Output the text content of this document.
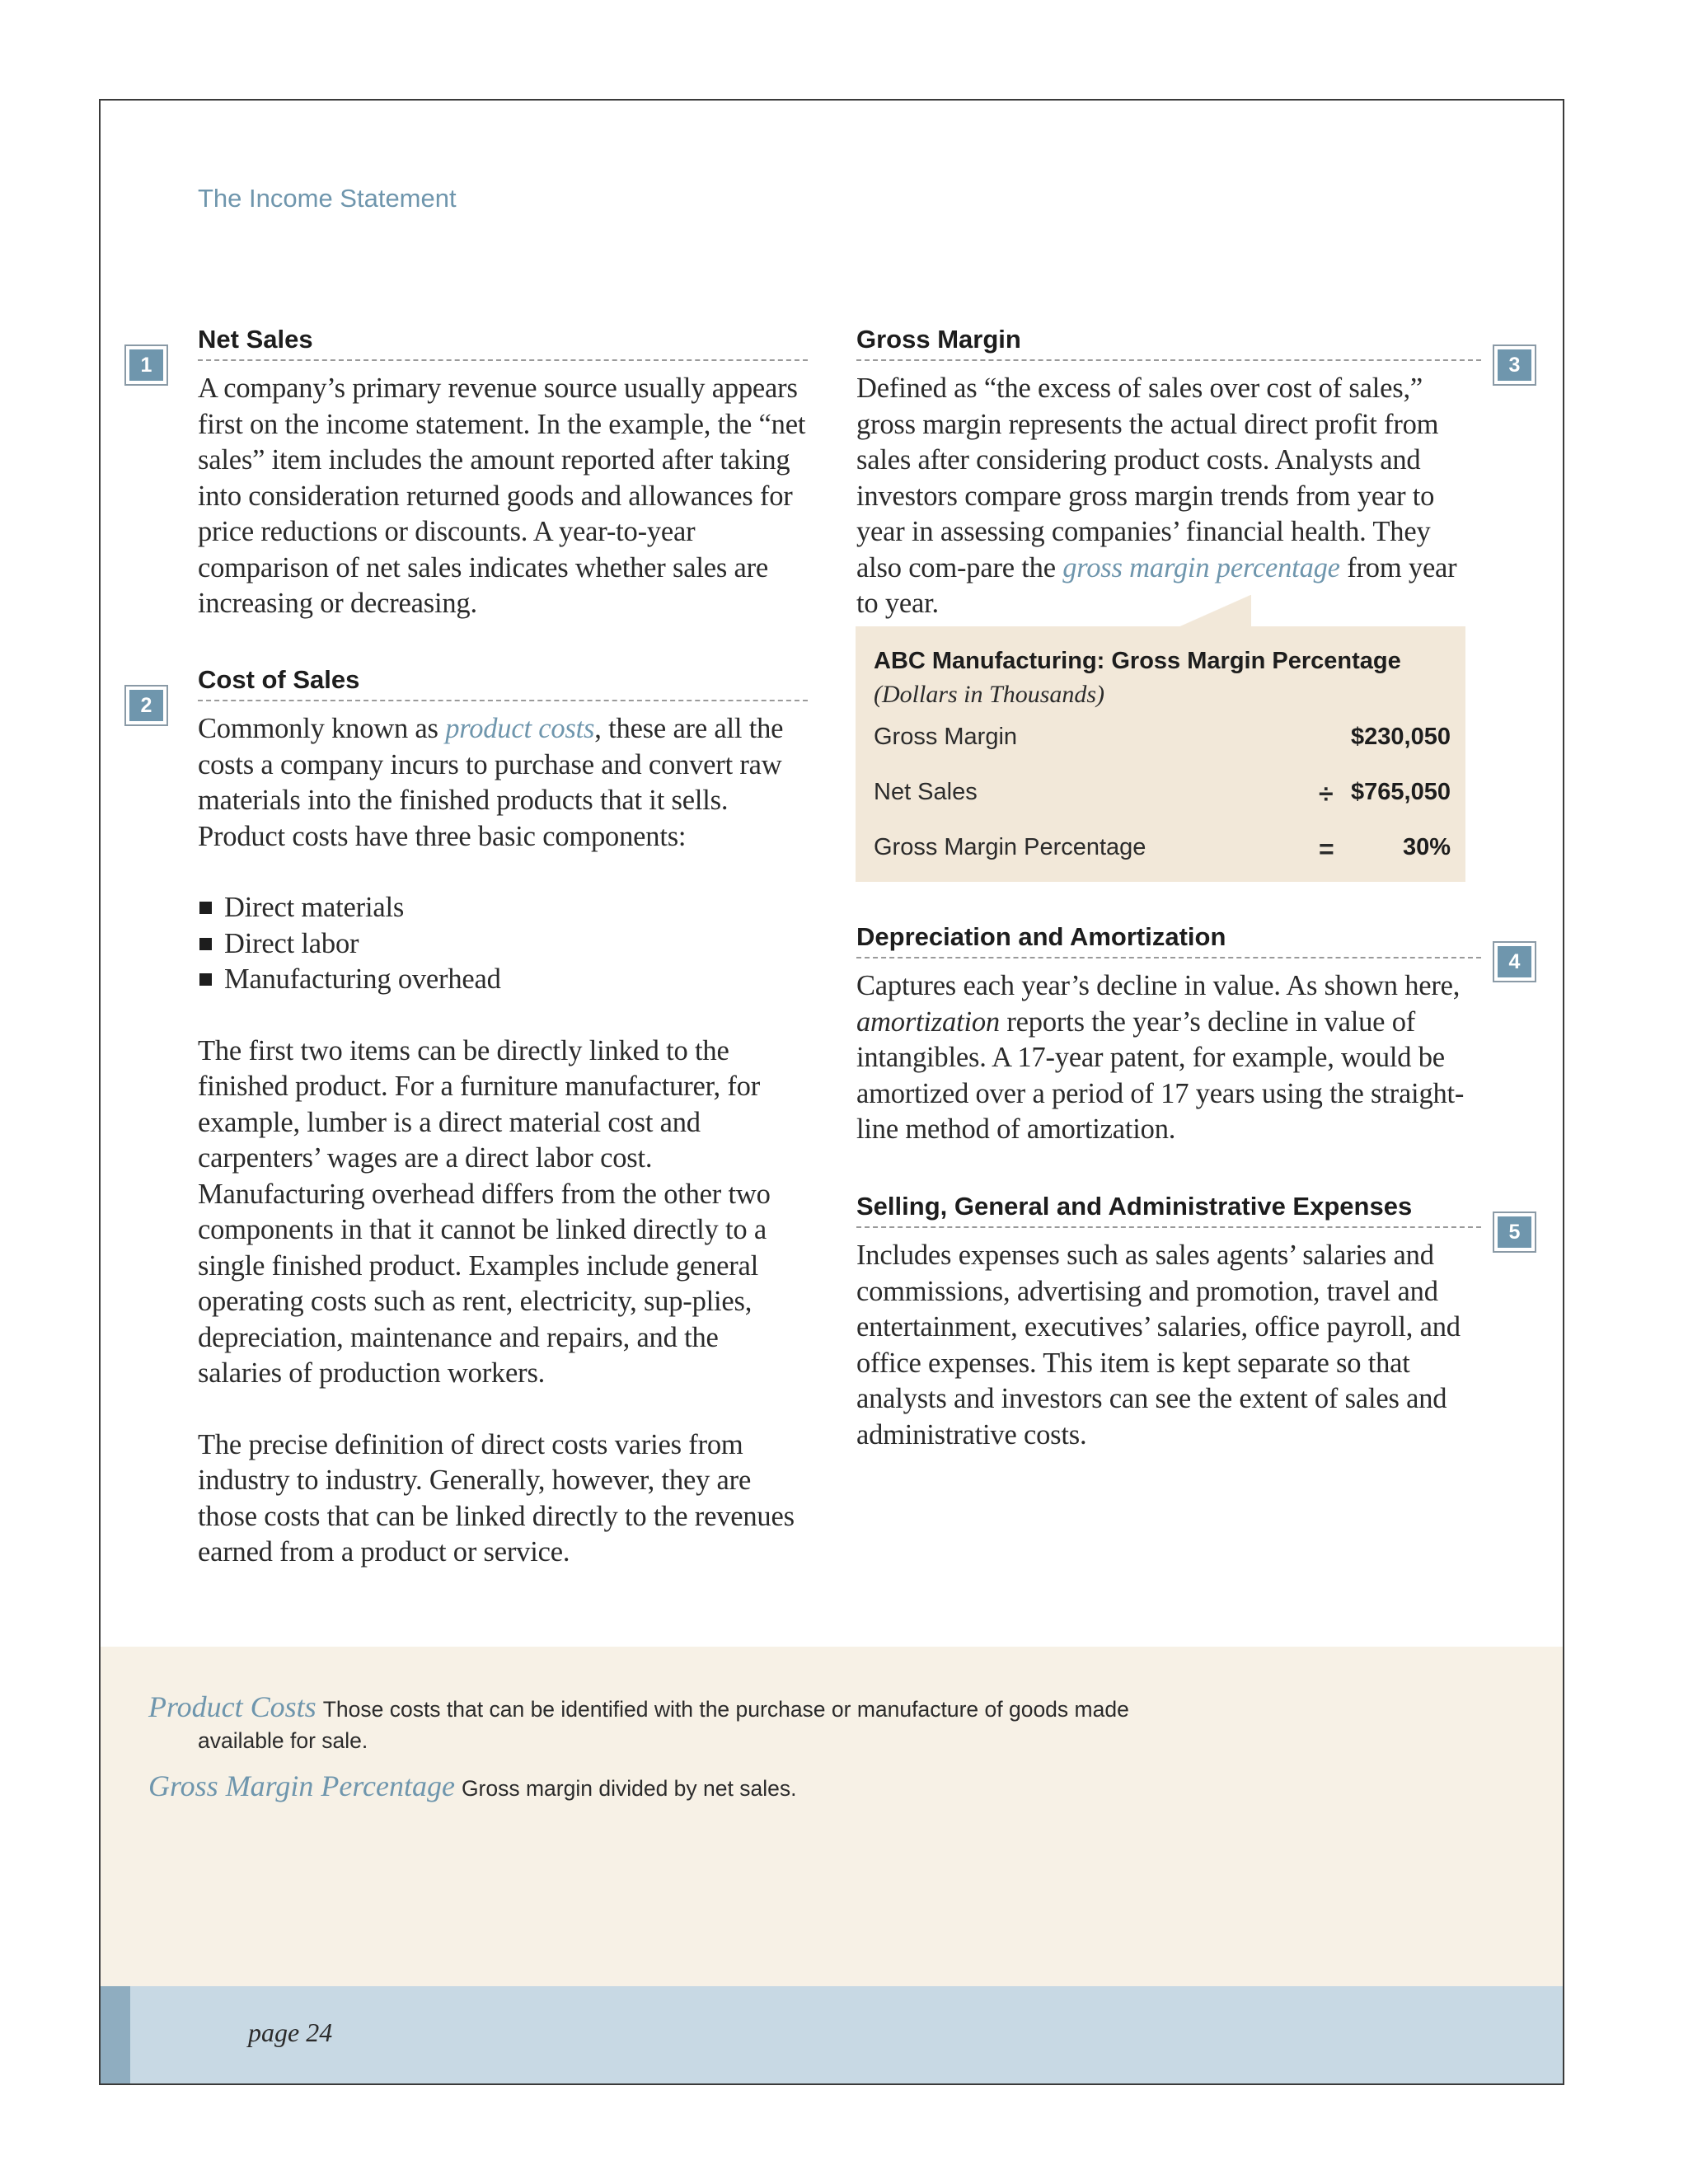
The Income Statement
1
Net Sales

A company’s primary revenue source usually appears first on the income statement. In the example, the “net sales” item includes the amount reported after taking into consideration returned goods and allowances for price reductions or discounts. A year-to-year comparison of net sales indicates whether sales are increasing or decreasing.

2
Cost of Sales

Commonly known as product costs, these are all the costs a company incurs to purchase and convert raw materials into the finished products that it sells. Product costs have three basic components:

Direct materials
Direct labor
Manufacturing overhead

The first two items can be directly linked to the finished product. For a furniture manufacturer, for example, lumber is a direct material cost and carpenters’ wages are a direct labor cost. Manufacturing overhead differs from the other two components in that it cannot be linked directly to a single finished product. Examples include general operating costs such as rent, electricity, sup-plies, depreciation, maintenance and repairs, and the salaries of production workers.

The precise definition of direct costs varies from industry to industry. Generally, however, they are those costs that can be linked directly to the revenues earned from a product or service.

3
Gross Margin

Defined as “the excess of sales over cost of sales,” gross margin represents the actual direct profit from sales after considering product costs. Analysts and investors compare gross margin trends from year to year in assessing companies’ financial health. They also com-pare the gross margin percentage from year to year.

ABC Manufacturing: Gross Margin Percentage
(Dollars in Thousands)
Gross Margin	$230,050
Net Sales	÷ $765,050
Gross Margin Percentage	=	30%
4
Depreciation and Amortization

Captures each year’s decline in value. As shown here, amortization reports the year’s decline in value of intangibles. A 17-year patent, for example, would be amortized over a period of 17 years using the straight-line method of amortization.

5
Selling, General and Administrative Expenses

Includes expenses such as sales agents’ salaries and commissions, advertising and promotion, travel and entertainment, executives’ salaries, office payroll, and office expenses. This item is kept separate so that analysts and investors can see the extent of sales and administrative costs.

Product Costs Those costs that can be identified with the purchase or manufacture of goods made
available for sale.
Gross Margin Percentage Gross margin divided by net sales.
page 24
